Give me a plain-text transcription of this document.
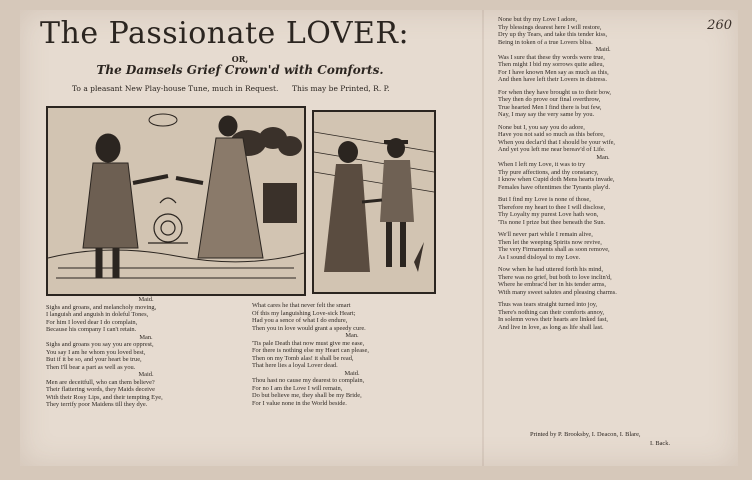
260
The Passionate LOVER:
OR,
The Damsels Grief Crown'd with Comforts.
To a pleasant New Play-house Tune, much in Request. This may be Printed, R. P.
Maid.
Sighs and groans, and melancholy moving,
I languish and anguish in doleful Tones,
For him I loved dear I do complain,
Because his company I can't retain.
Man.
Sighs and groans you say you are opprest,
You say I am he whom you loved best,
But if it be so, and your heart be true,
Then I'll bear a part as well as you.
Maid.
Men are deceitfull, who can them believe?
Their flattering words, they Maids deceive
With their Rosy Lips, and their tempting Eye,
They terrify poor Maidens till they dye.
What cares he that never felt the smart
Of this my languishing Love-sick Heart;
Had you a sence of what I do endure,
Then you in love would grant a speedy cure.
Man.
'Tis pale Death that now must give me ease,
For there is nothing else my Heart can please,
Then on my Tomb alas! it shall be read,
That here lies a loyal Lover dead.
Maid.
Thou hast no cause my dearest to complain,
For no I am the Love I will remain,
Do but believe me, they shall be my Bride,
For I value none in the World beside.
None but thy my Love I adore,
Thy blessings dearest here I will restore,
Dry up thy Tears, and take this tender kiss,
Being in token of a true Lovers bliss.
Maid.
Was I sure that these thy words were true,
Then might I bid my sorrows quite adieu,
For I have known Men say as much as this,
And then have left their Lovers in distress.
For when they have brought us to their bow,
They then do prove our final overthrow,
True hearted Men I find there is but few,
Nay, I may say the very same by you.
None but I, you say you do adore,
Have you not said so much as this before,
When you declar'd that I should be your wife,
And yet you left me near bereav'd of Life.
Man.
When I left my Love, it was to try
Thy pure affections, and thy constancy,
I know when Cupid doth Mens hearts invade,
Females have oftentimes the Tyrants play'd.
But I find my Love is none of those,
Therefore my heart to thee I will disclose,
Thy Loyalty my purest Love hath won,
'Tis none I prize but thee beneath the Sun.
We'll never part while I remain alive,
Then let the weeping Spirits now revive,
The very Firmaments shall as soon remove,
As I sound disloyal to my Love.
Now when he had uttered forth his mind,
There was no grief, but both to love inclin'd,
Where he embrac'd her in his tender arms,
With many sweet salutes and pleasing charms.
Thus was tears straight turned into joy,
There's nothing can their comforts annoy,
In solemn vows their hearts are linked fast,
And live in love, as long as life shall last.
Printed by P. Brooksby, I. Deacon, I. Blare,
I. Back.
